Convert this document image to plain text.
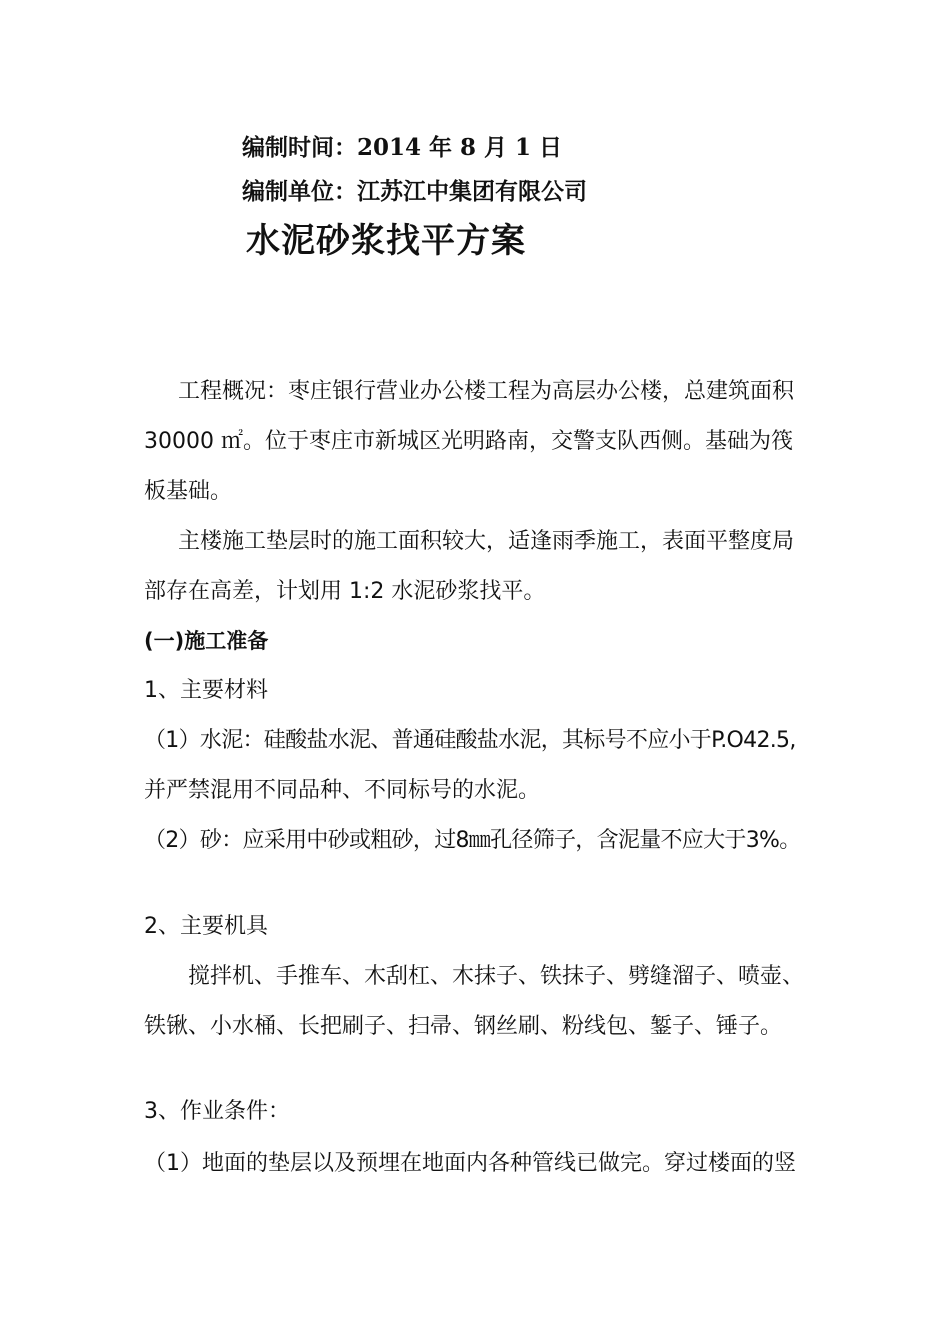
编制时间：2014 年 8 月 1 日
编制单位：江苏江中集团有限公司
水泥砂浆找平方案
工程概况：枣庄银行营业办公楼工程为高层办公楼，总建筑面积
30000 ㎡。位于枣庄市新城区光明路南，交警支队西侧。基础为筏
板基础。
主楼施工垫层时的施工面积较大，适逢雨季施工，表面平整度局
部存在高差，计划用 1:2 水泥砂浆找平。
(一)施工准备
1、主要材料
（1）水泥：硅酸盐水泥、普通硅酸盐水泥，其标号不应小于P.O42.5,
并严禁混用不同品种、不同标号的水泥。
（2）砂：应采用中砂或粗砂，过8㎜孔径筛子，含泥量不应大于3%。
2、主要机具
搅拌机、手推车、木刮杠、木抹子、铁抹子、劈缝溜子、喷壶、
铁锹、小水桶、长把刷子、扫帚、钢丝刷、粉线包、錾子、锤子。
3、作业条件：
（1）地面的垫层以及预埋在地面内各种管线已做完。穿过楼面的竖
